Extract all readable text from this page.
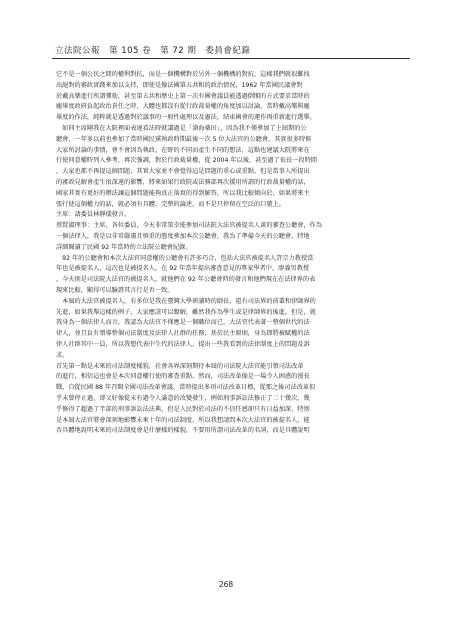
立法院公報　第 105 卷　第 72 期　委員會紀錄
它不是一個公民之間的權利對抗，而是一個機構對於另外一個機構的對抗，這樣我們就很難找
出絕對的審政實踐來加以支持，即使是像法國第五共和的政治情況，1962 年當國民議會對
於戴高樂進行所謂彈劾，甚至第五共和歷史上第一次有國會議員能透過倒閣的方式要求當時的
龐畢度政府負起政治責任之時，大體也都沒有從行政裁量權的角度加以討論，當時戴高樂與龐
畢度的作法，純粹就是透過對於議事的一般性處理以及憲法，結束國會的運作再重新進行選舉。
　如同主席剛我在大院裡面表達看法時就講過是「滄海桑田」，因為我不僅參加了上屆期的公
聽會，一年多以前也參加了當時國民黨執政時期最後一次 5 位大法官的公聽會，其實很多時候
大家所討論的事情，會不會因為執政，在野的不同而產生不同的想法，這點也建議大院將來在
行使同意權時列入參考，再次強調，對於行政裁量權，從 2004 年以後，甚至過了很長一段時間
，大家也都不再提這個問題，其實大家並不會覺得這是問題的重心或重點，但是當事人所提出
的審政見解會產生很深遠的影響，將來如果行政院或法務部再次援用所謂的行政裁量權的話，
國家其實有更好的辦法讓這個問題能夠真正落實的得到解答，所以我比較傾向於，如果將來主
張行使這個權力的話，就必須有具體、完整的論述，而不是只停留在空泛的口號上。
主席：請委員林靜儀發言。
蔡賢淑理事：主席、各位委員，今天非常榮幸能參加司法院大法官被提名人黃的審查公聽會，作為
一個法律人，我是以非常嚴肅且慎重的態度參加本次公聽會，我為了準備今天的公聽會，特地
詳細閱讀了民國 92 年當時的立法院公聽會紀錄。
　92 年的公聽會和本次大法官同意權的公聽會有許多巧合，包括大法官被提名人許宗力教授當
年也是被提名人，這次也是被提名人，在 92 年當年提出審查意見的專家學者中，廖義男教授
，今天則是司法院大法官的被提名人，就他們在 92 年公聽會時的發言和他們現在在法律界的表
現來比較，顯得可以驗證其言行是否一致。
　本屆的大法官被提名人，有多位是我在臺灣大學研讀時的師長，還有司法界的前輩和律師界的
先進，如果我舉這樣的例子，大家應該可以瞭解，雖然我作為學生或是律師界的後進，但是，就
我身為一個法律人而言，我認為大法官不僅應是一個職位而已，大法官代表著一整個世代的法
律人，並且負有領導整個司法制度及法律人社群的任務，基於民主原則，身為即將被賦權的法
律人社群其中一員，所以我想代表中生代的法律人，提出一些我看到的法律制度上的問題及訴
求。
首先第一點是未來的司法制度樣貌，社會各界深刻期待本屆的司法院大法官能引領司法改革
的進行，相信這也會是本次同意權行使的審查重點。然而，司法改革像是一場令人困惑的漫長
戰，自從民國 88 年召開全國司法改革會議，當時提出多項司法改革目標，從那之後司法改革似
乎未曾停止過，卻又好像從未有過令人滿意的改變發生，例如刑事訴訟法修正了二十幾次，幾
乎修得了超過了半部的刑事訴訟法法典，但是人民對於司法的不信任感卻只有日益加深，特別
是本屆大法官將會深刻地影響未來十年的司法制度，所以我想請問本次大法官的被提名人，能
否具體地說明未來的司法制度會是什麼樣的樣貌，不要用所謂司法改革的名詞，而是具體說明
268
